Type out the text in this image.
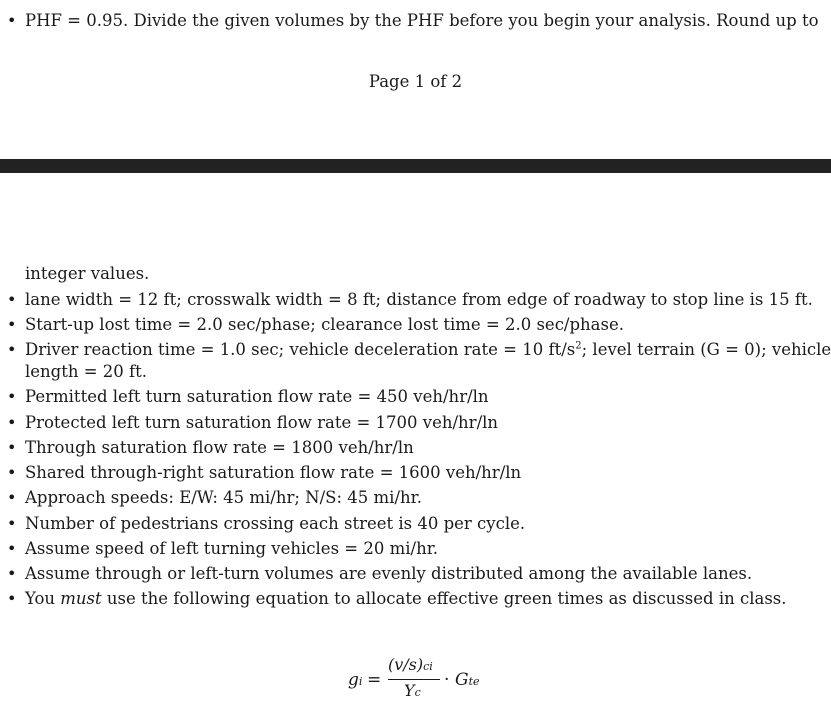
• PHF = 0.95. Divide the given volumes by the PHF before you begin your analysis. Round up to
Page 1 of 2
integer values.
• lane width = 12 ft; crosswalk width = 8 ft; distance from edge of roadway to stop line is 15 ft.
• Start-up lost time = 2.0 sec/phase; clearance lost time = 2.0 sec/phase.
• Driver reaction time = 1.0 sec; vehicle deceleration rate = 10 $ft/s^2$; level terrain (G = 0); vehicle
length = 20 ft.
• Permitted left turn saturation flow rate = 450 veh/hr/ln
• Protected left turn saturation flow rate = 1700 veh/hr/ln
• Through saturation flow rate = 1800 veh/hr/ln
• Shared through-right saturation flow rate = 1600 veh/hr/ln
• Approach speeds: E/W: 45 mi/hr; N/S: 45 mi/hr.
• Number of pedestrians crossing each street is 40 per cycle.
• Assume speed of left turning vehicles = 20 mi/hr.
• Assume through or left-turn volumes are evenly distributed among the available lanes.
• You must use the following equation to allocate effective green times as discussed in class.
gi =
(v/s)ci
Yc
· Gte
